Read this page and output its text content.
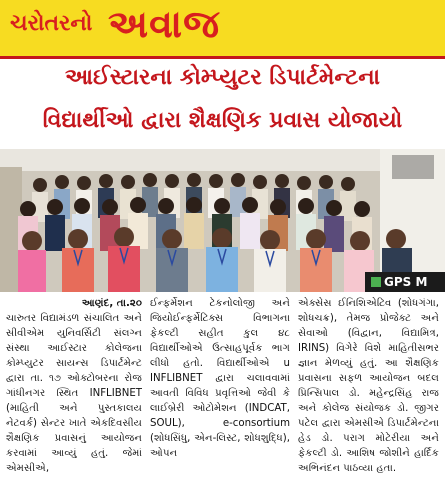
ચરોતરનો અવાજ
આઈસ્ટારના કોમ્પ્યુટર ડિપાર્ટમેન્ટના
વિદ્યાર્થીઓ દ્વારા શૈક્ષણિક પ્રવાસ યોજાયો
GPS M
આણંદ, તા.૨૦

ચારુતર વિદ્યામંડળ સંચાલિત અને સીવીએમ યુનિવર્સિટી સંલગ્ન સંસ્થા આઈસ્ટાર કોલેજના કોમ્પ્યુટર સાયન્સ ડિપાર્ટમેન્ટ દ્વારા તા. ૧૭ ઓક્ટોબરના રોજ ગાંધીનગર સ્થિત INFLIBNET (માહિતી અને પુસ્તકાલય નેટવર્ક) સેન્ટર ખાતે એકદિવસીય શૈક્ષણિક પ્રવાસનું આયોજન કરવામાં આવ્યું હતું. જેમાં એમસીએ,

ઈન્ફર્મેશન ટેકનોલોજી અને જિયોઈન્ફર્મેટિક્સ વિભાગના ફેકલ્ટી સહીત કુલ ૪૮ વિદ્યાર્થીઓએ ઉત્સાહપૂર્વક ભાગ લીધો હતો. વિદ્યાર્થીઓએ u INFLIBNET દ્વારા ચલાવવામાં આવતી વિવિધ પ્રવૃત્તિઓ જેવી કે લાઈબ્રેરી ઓટોમેશન (INDCAT, SOUL), e-consortium (શોધસિંધુ, એન-લિસ્ટ, શોધશુદ્ધિ), ઓપન

એક્સેસ ઈનિશિએટિવ (શોધગંગા, શોધચક્ર), તેમજ પ્રોજેક્ટ અને સેવાઓ (વિદ્વાન, વિદ્યામિત્ર, IRINS) વિગેરે વિશે માહિતીસભર જ્ઞાન મેળવ્યું હતું. આ શૈક્ષણિક પ્રવાસના સફળ આયોજન બદલ પ્રિન્સિપાલ ડો. મહેન્દ્રસિંહ રાજ અને કોલેજ સંયોજક ડો. જીગર પટેલ દ્વારા એમસીએ ડિપાર્ટમેન્ટના હેડ ડો. પરાગ મોટેરીયા અને ફેકલ્ટી ડો. આશિષ જોશીને હાર્દિક અભિનંદન પાઠવ્યા હતા.
